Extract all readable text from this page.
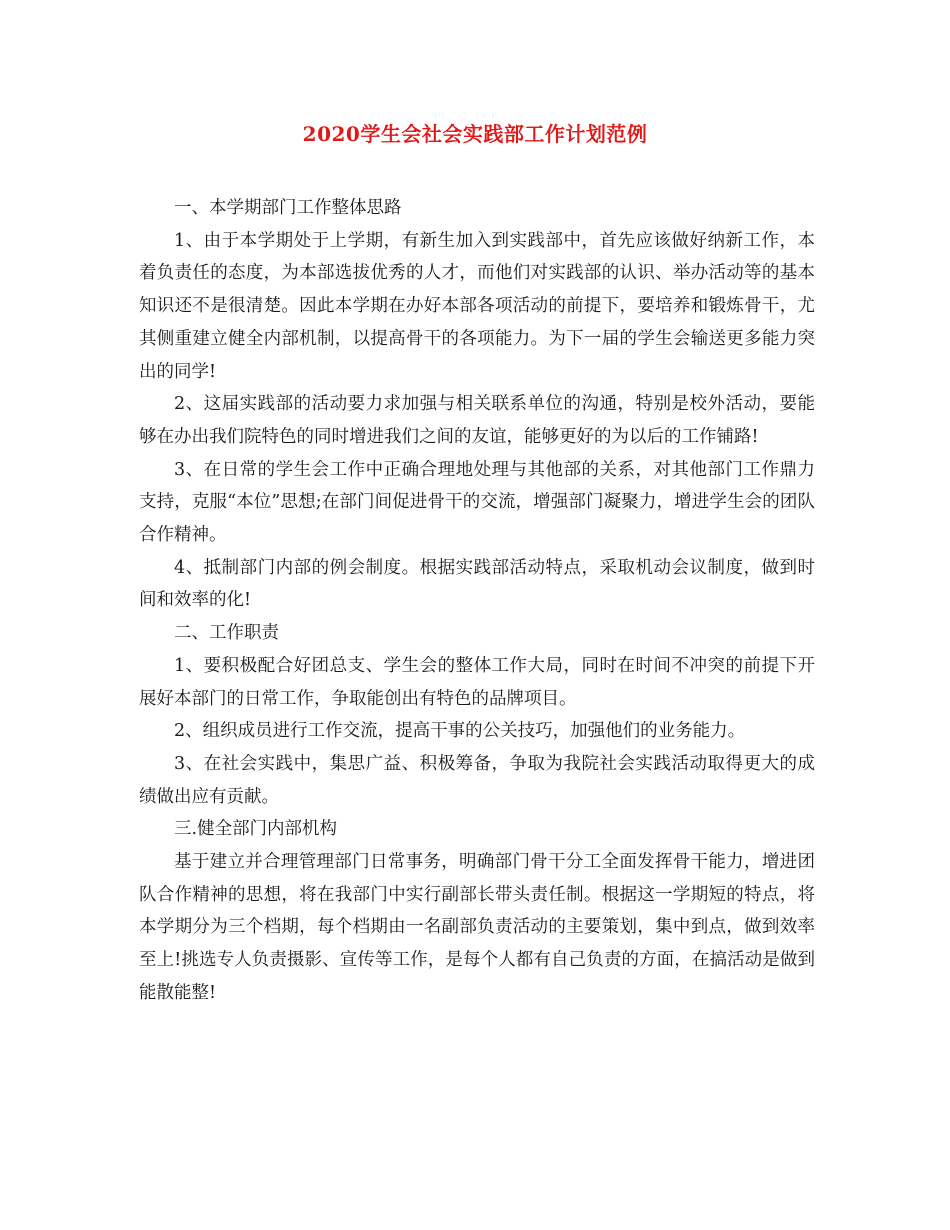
2020学生会社会实践部工作计划范例

一、本学期部门工作整体思路

1、由于本学期处于上学期，有新生加入到实践部中，首先应该做好纳新工作，本着负责任的态度，为本部选拔优秀的人才，而他们对实践部的认识、举办活动等的基本知识还不是很清楚。因此本学期在办好本部各项活动的前提下，要培养和锻炼骨干，尤其侧重建立健全内部机制，以提高骨干的各项能力。为下一届的学生会输送更多能力突出的同学!

2、这届实践部的活动要力求加强与相关联系单位的沟通，特别是校外活动，要能够在办出我们院特色的同时增进我们之间的友谊，能够更好的为以后的工作铺路!

3、在日常的学生会工作中正确合理地处理与其他部的关系，对其他部门工作鼎力支持，克服“本位”思想;在部门间促进骨干的交流，增强部门凝聚力，增进学生会的团队合作精神。

4、抵制部门内部的例会制度。根据实践部活动特点，采取机动会议制度，做到时间和效率的化!

二、工作职责

1、要积极配合好团总支、学生会的整体工作大局，同时在时间不冲突的前提下开展好本部门的日常工作，争取能创出有特色的品牌项目。

2、组织成员进行工作交流，提高干事的公关技巧，加强他们的业务能力。

3、在社会实践中，集思广益、积极筹备，争取为我院社会实践活动取得更大的成绩做出应有贡献。

三.健全部门内部机构

基于建立并合理管理部门日常事务，明确部门骨干分工全面发挥骨干能力，增进团队合作精神的思想，将在我部门中实行副部长带头责任制。根据这一学期短的特点，将本学期分为三个档期，每个档期由一名副部负责活动的主要策划，集中到点，做到效率至上!挑选专人负责摄影、宣传等工作，是每个人都有自己负责的方面，在搞活动是做到能散能整!
